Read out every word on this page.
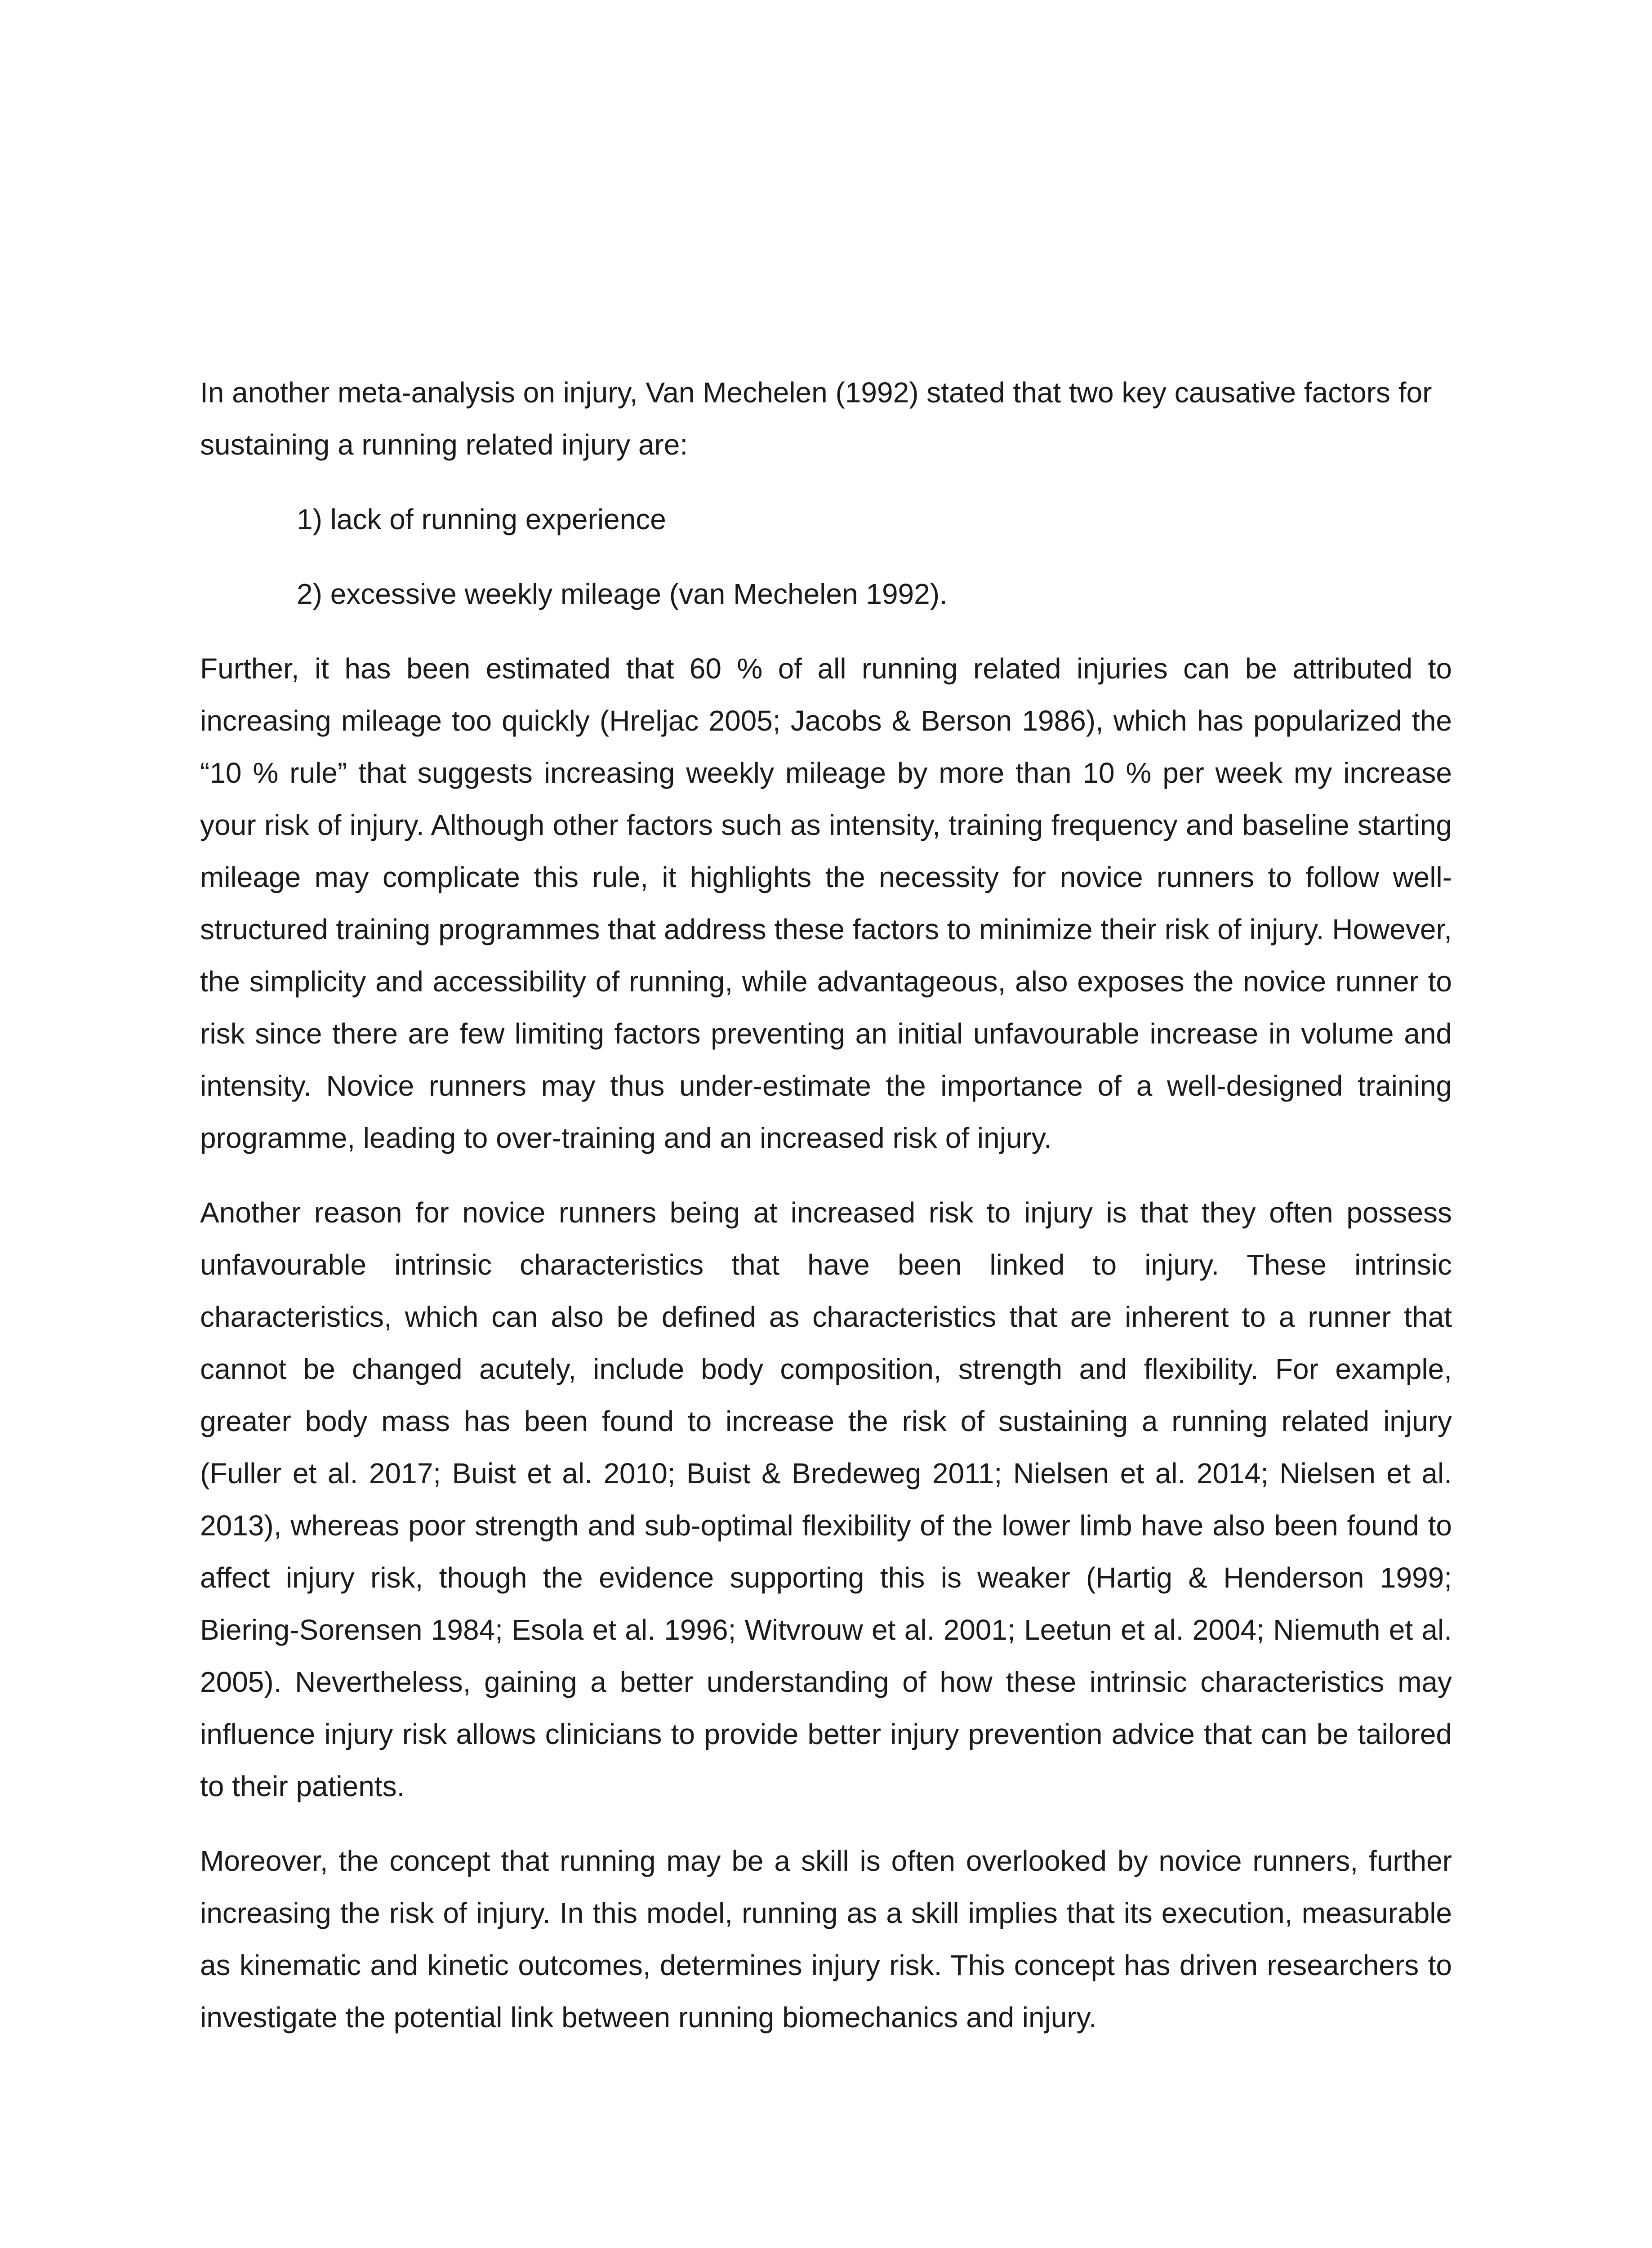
In another meta-analysis on injury, Van Mechelen (1992) stated that two key causative factors for sustaining a running related injury are:

1) lack of running experience
2) excessive weekly mileage (van Mechelen 1992).

Further, it has been estimated that 60 % of all running related injuries can be attributed to increasing mileage too quickly (Hreljac 2005; Jacobs & Berson 1986), which has popularized the “10 % rule” that suggests increasing weekly mileage by more than 10 % per week my increase your risk of injury. Although other factors such as intensity, training frequency and baseline starting mileage may complicate this rule, it highlights the necessity for novice runners to follow well-structured training programmes that address these factors to minimize their risk of injury. However, the simplicity and accessibility of running, while advantageous, also exposes the novice runner to risk since there are few limiting factors preventing an initial unfavourable increase in volume and intensity. Novice runners may thus under-estimate the importance of a well-designed training programme, leading to over-training and an increased risk of injury.

Another reason for novice runners being at increased risk to injury is that they often possess unfavourable intrinsic characteristics that have been linked to injury. These intrinsic characteristics, which can also be defined as characteristics that are inherent to a runner that cannot be changed acutely, include body composition, strength and flexibility. For example, greater body mass has been found to increase the risk of sustaining a running related injury (Fuller et al. 2017; Buist et al. 2010; Buist & Bredeweg 2011; Nielsen et al. 2014; Nielsen et al. 2013), whereas poor strength and sub-optimal flexibility of the lower limb have also been found to affect injury risk, though the evidence supporting this is weaker (Hartig & Henderson 1999; Biering-Sorensen 1984; Esola et al. 1996; Witvrouw et al. 2001; Leetun et al. 2004; Niemuth et al. 2005). Nevertheless, gaining a better understanding of how these intrinsic characteristics may influence injury risk allows clinicians to provide better injury prevention advice that can be tailored to their patients.

Moreover, the concept that running may be a skill is often overlooked by novice runners, further increasing the risk of injury. In this model, running as a skill implies that its execution, measurable as kinematic and kinetic outcomes, determines injury risk. This concept has driven researchers to investigate the potential link between running biomechanics and injury.
